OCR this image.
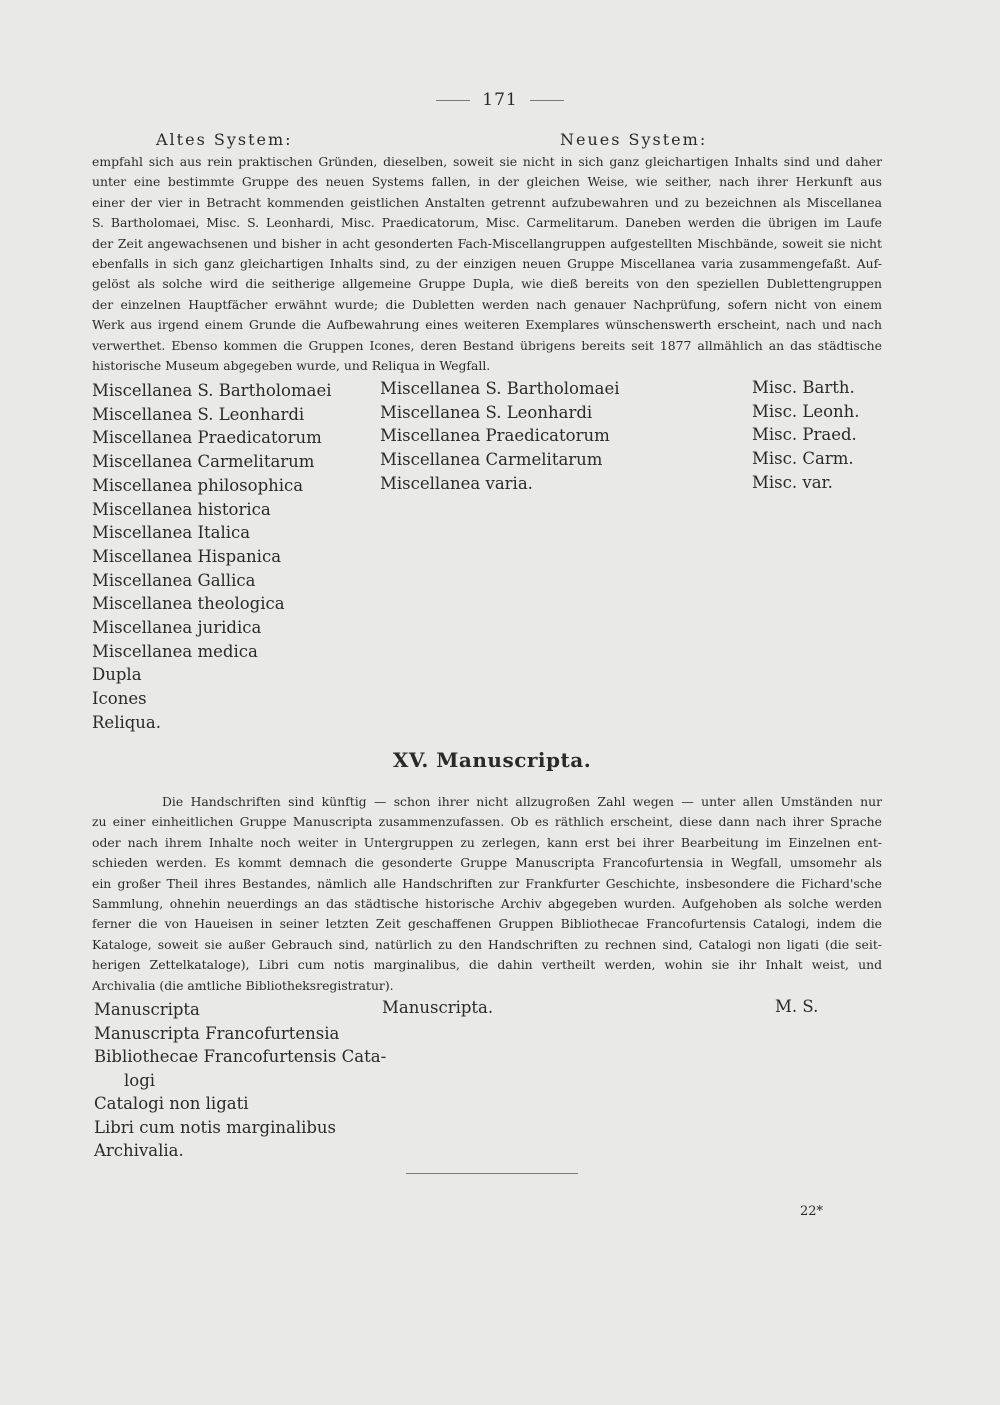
171
Altes System:	Neues System:
empfahl sich aus rein praktischen Gründen, dieselben, soweit sie nicht in sich ganz gleichartigen Inhalts sind und daher
unter eine bestimmte Gruppe des neuen Systems fallen, in der gleichen Weise, wie seither, nach ihrer Herkunft aus
einer der vier in Betracht kommenden geistlichen Anstalten getrennt aufzubewahren und zu bezeichnen als Miscellanea
S. Bartholomaei, Misc. S. Leonhardi, Misc. Praedicatorum, Misc. Carmelitarum. Daneben werden die übrigen im Laufe
der Zeit angewachsenen und bisher in acht gesonderten Fach-Miscellangruppen aufgestellten Mischbände, soweit sie nicht
ebenfalls in sich ganz gleichartigen Inhalts sind, zu der einzigen neuen Gruppe Miscellanea varia zusammengefaßt. Auf-
gelöst als solche wird die seitherige allgemeine Gruppe Dupla, wie dieß bereits von den speziellen Dublettengruppen
der einzelnen Hauptfächer erwähnt wurde; die Dubletten werden nach genauer Nachprüfung, sofern nicht von einem
Werk aus irgend einem Grunde die Aufbewahrung eines weiteren Exemplares wünschenswerth erscheint, nach und nach
verwerthet. Ebenso kommen die Gruppen Icones, deren Bestand übrigens bereits seit 1877 allmählich an das städtische
historische Museum abgegeben wurde, und Reliqua in Wegfall.
Miscellanea S. Bartholomaei
Miscellanea S. Leonhardi
Miscellanea Praedicatorum
Miscellanea Carmelitarum
Miscellanea philosophica
Miscellanea historica
Miscellanea Italica
Miscellanea Hispanica
Miscellanea Gallica
Miscellanea theologica
Miscellanea juridica
Miscellanea medica
Dupla
Icones
Reliqua.
Miscellanea S. Bartholomaei
Miscellanea S. Leonhardi
Miscellanea Praedicatorum
Miscellanea Carmelitarum
Miscellanea varia.
Misc. Barth.
Misc. Leonh.
Misc. Praed.
Misc. Carm.
Misc. var.
XV. Manuscripta.
Die Handschriften sind künftig — schon ihrer nicht allzugroßen Zahl wegen — unter allen Umständen nur
zu einer einheitlichen Gruppe Manuscripta zusammenzufassen. Ob es räthlich erscheint, diese dann nach ihrer Sprache
oder nach ihrem Inhalte noch weiter in Untergruppen zu zerlegen, kann erst bei ihrer Bearbeitung im Einzelnen ent-
schieden werden. Es kommt demnach die gesonderte Gruppe Manuscripta Francofurtensia in Wegfall, umsomehr als
ein großer Theil ihres Bestandes, nämlich alle Handschriften zur Frankfurter Geschichte, insbesondere die Fichard'sche
Sammlung, ohnehin neuerdings an das städtische historische Archiv abgegeben wurden. Aufgehoben als solche werden
ferner die von Haueisen in seiner letzten Zeit geschaffenen Gruppen Bibliothecae Francofurtensis Catalogi, indem die
Kataloge, soweit sie außer Gebrauch sind, natürlich zu den Handschriften zu rechnen sind, Catalogi non ligati (die seit-
herigen Zettelkataloge), Libri cum notis marginalibus, die dahin vertheilt werden, wohin sie ihr Inhalt weist, und
Archivalia (die amtliche Bibliotheksregistratur).
Manuscripta
Manuscripta Francofurtensia
Bibliothecae Francofurtensis Cata-
logi
Catalogi non ligati
Libri cum notis marginalibus
Archivalia.
Manuscripta.	M. S.
22*
